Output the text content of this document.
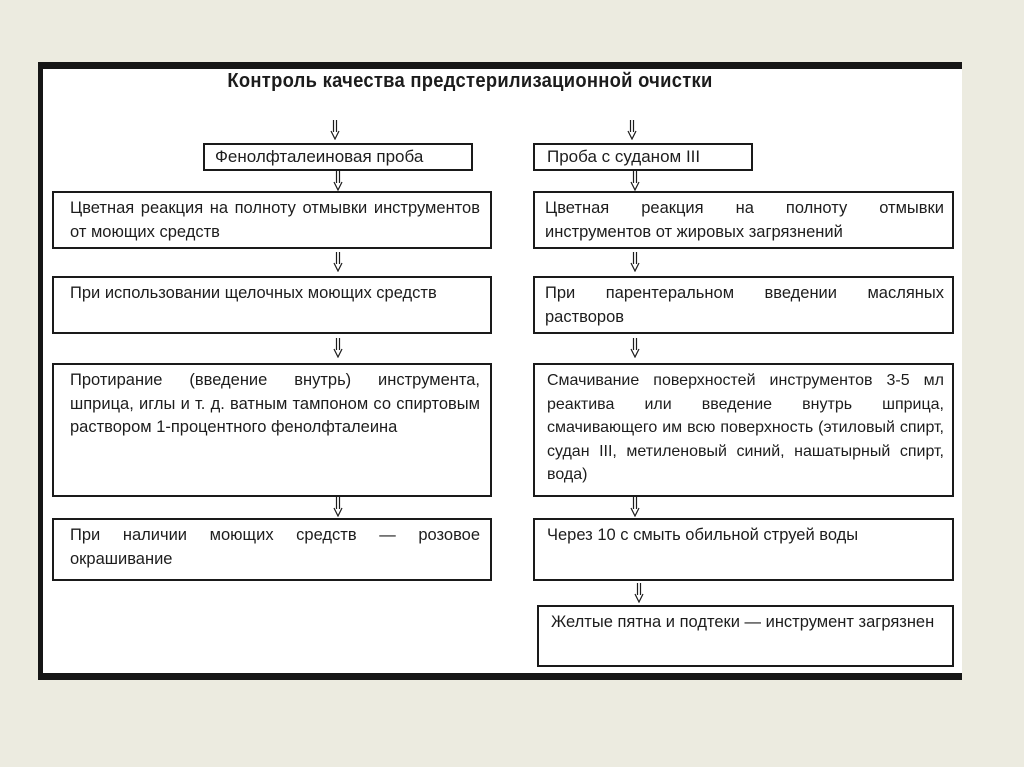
Контроль качества предстерилизационной очистки
Фенолфталеиновая проба
Цветная реакция на полноту отмывки инструментов от моющих средств
При использовании щелочных моющих средств
Протирание (введение внутрь) инструмента, шприца, иглы и т. д. ватным тампоном со спиртовым раствором 1-процентного фенолфталеина
При наличии моющих средств — розовое окрашивание
Проба с суданом III
Цветная реакция на полноту отмывки инструментов от жировых загрязнений
При парентеральном введении масляных растворов
Смачивание поверхностей инструментов 3-5 мл реактива или введение внутрь шприца, смачивающего им всю поверхность (этиловый спирт, судан III, метиленовый синий, нашатырный спирт, вода)
Через 10 с смыть обильной струей воды
Желтые пятна и подтеки — инструмент загрязнен
